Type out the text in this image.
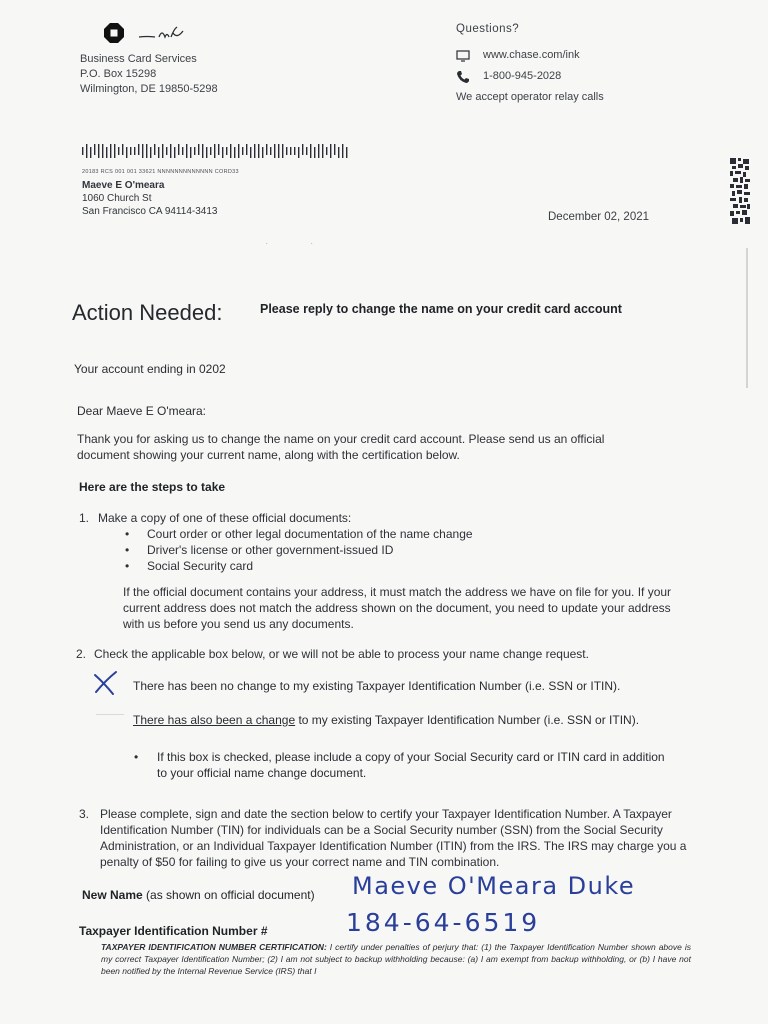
Business Card Services
P.O. Box 15298
Wilmington, DE 19850-5298
Questions?
www.chase.com/ink
1-800-945-2028
We accept operator relay calls
20183 RCS 001 001 33621 NNNNNNNNNNNNN CORD33
Maeve E O'meara
1060 Church St
San Francisco CA 94114-3413	December 02, 2021
·               ·
Action Needed:	Please reply to change the name on your credit card account
Your account ending in 0202
Dear Maeve E O'meara:
Thank you for asking us to change the name on your credit card account. Please send us an official document showing your current name, along with the certification below.
Here are the steps to take
1. Make a copy of one of these official documents:
• Court order or other legal documentation of the name change
• Driver's license or other government-issued ID
• Social Security card
If the official document contains your address, it must match the address we have on file for you. If your current address does not match the address shown on the document, you need to update your address with us before you send us any documents.
2. Check the applicable box below, or we will not be able to process your name change request.
There has been no change to my existing Taxpayer Identification Number (i.e. SSN or ITIN).
There has also been a change to my existing Taxpayer Identification Number (i.e. SSN or ITIN).
• If this box is checked, please include a copy of your Social Security card or ITIN card in addition to your official name change document.
3. Please complete, sign and date the section below to certify your Taxpayer Identification Number. A Taxpayer Identification Number (TIN) for individuals can be a Social Security number (SSN) from the Social Security Administration, or an Individual Taxpayer Identification Number (ITIN) from the IRS. The IRS may charge you a penalty of $50 for failing to give us your correct name and TIN combination.
New Name (as shown on official document) Maeve O'Meara Duke
Taxpayer Identification Number #	184-64-6519
TAXPAYER IDENTIFICATION NUMBER CERTIFICATION: I certify under penalties of perjury that: (1) the Taxpayer Identification Number shown above is my correct Taxpayer Identification Number; (2) I am not subject to backup withholding because: (a) I am exempt from backup withholding, or (b) I have not been notified by the Internal Revenue Service (IRS) that I
